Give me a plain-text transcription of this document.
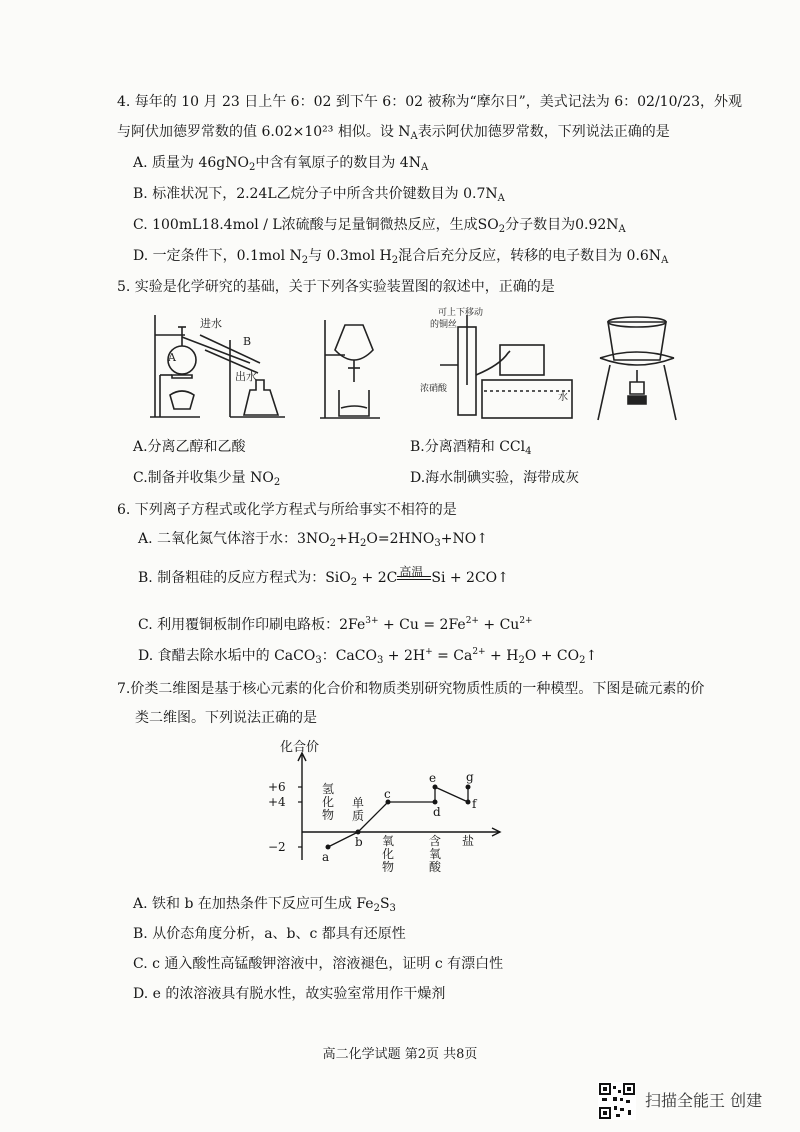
4. 每年的 10 月 23 日上午 6：02 到下午 6：02 被称为“摩尔日”，美式记法为 6：02/10/23，外观
与阿伏加德罗常数的值 6.02×10²³ 相似。设 $N_A$表示阿伏加德罗常数，下列说法正确的是
A. 质量为 46gNO$_2$中含有氧原子的数目为 $4N_A$
B. 标准状况下，2.24L乙烷分子中所含共价键数目为 $0.7N_A$
C. 100mL18.4mol / L浓硫酸与足量铜微热反应，生成$SO_2$分子数目为$0.92N_A$
D. 一定条件下，0.1mol $N_2$与 0.3mol $H_2$混合后充分反应，转移的电子数目为 $0.6N_A$
5. 实验是化学研究的基础，关于下列各实验装置图的叙述中，正确的是
进水
B
A
出水
可上下移动
的铜丝
浓硝酸
水
A.分离乙醇和乙酸	B.分离酒精和 CCl$_4$
C.制备并收集少量 $NO_2$	D.海水制碘实验，海带成灰
6. 下列离子方程式或化学方程式与所给事实不相符的是
A. 二氧化氮气体溶于水：$3NO_2+H_2O=2HNO_3+NO↑$
B. 制备粗硅的反应方程式为：SiO$_2$ + 2C 高温 Si + 2CO↑
C. 利用覆铜板制作印刷电路板：$2Fe^{3+} + Cu = 2Fe^{2+} + Cu^{2+}$
D. 食醋去除水垢中的 CaCO$_3$：CaCO$_3$ + $2H^+ = Ca^{2+} + H_2O$ + $CO_2↑$
7.价类二维图是基于核心元素的化合价和物质类别研究物质性质的一种模型。下图是硫元素的价
类二维图。下列说法正确的是
化合价
+6
+4
−2
a
b
c
d
e
f
g
氢
化
物
单
质
氧
化
物
含
氧
酸
盐
A. 铁和 b 在加热条件下反应可生成 $Fe_2S_3$
B. 从价态角度分析，a、b、c 都具有还原性
C. c 通入酸性高锰酸钾溶液中，溶液褪色，证明 c 有漂白性
D. e 的浓溶液具有脱水性，故实验室常用作干燥剂
高二化学试题 第2页 共8页
扫描全能王 创建
